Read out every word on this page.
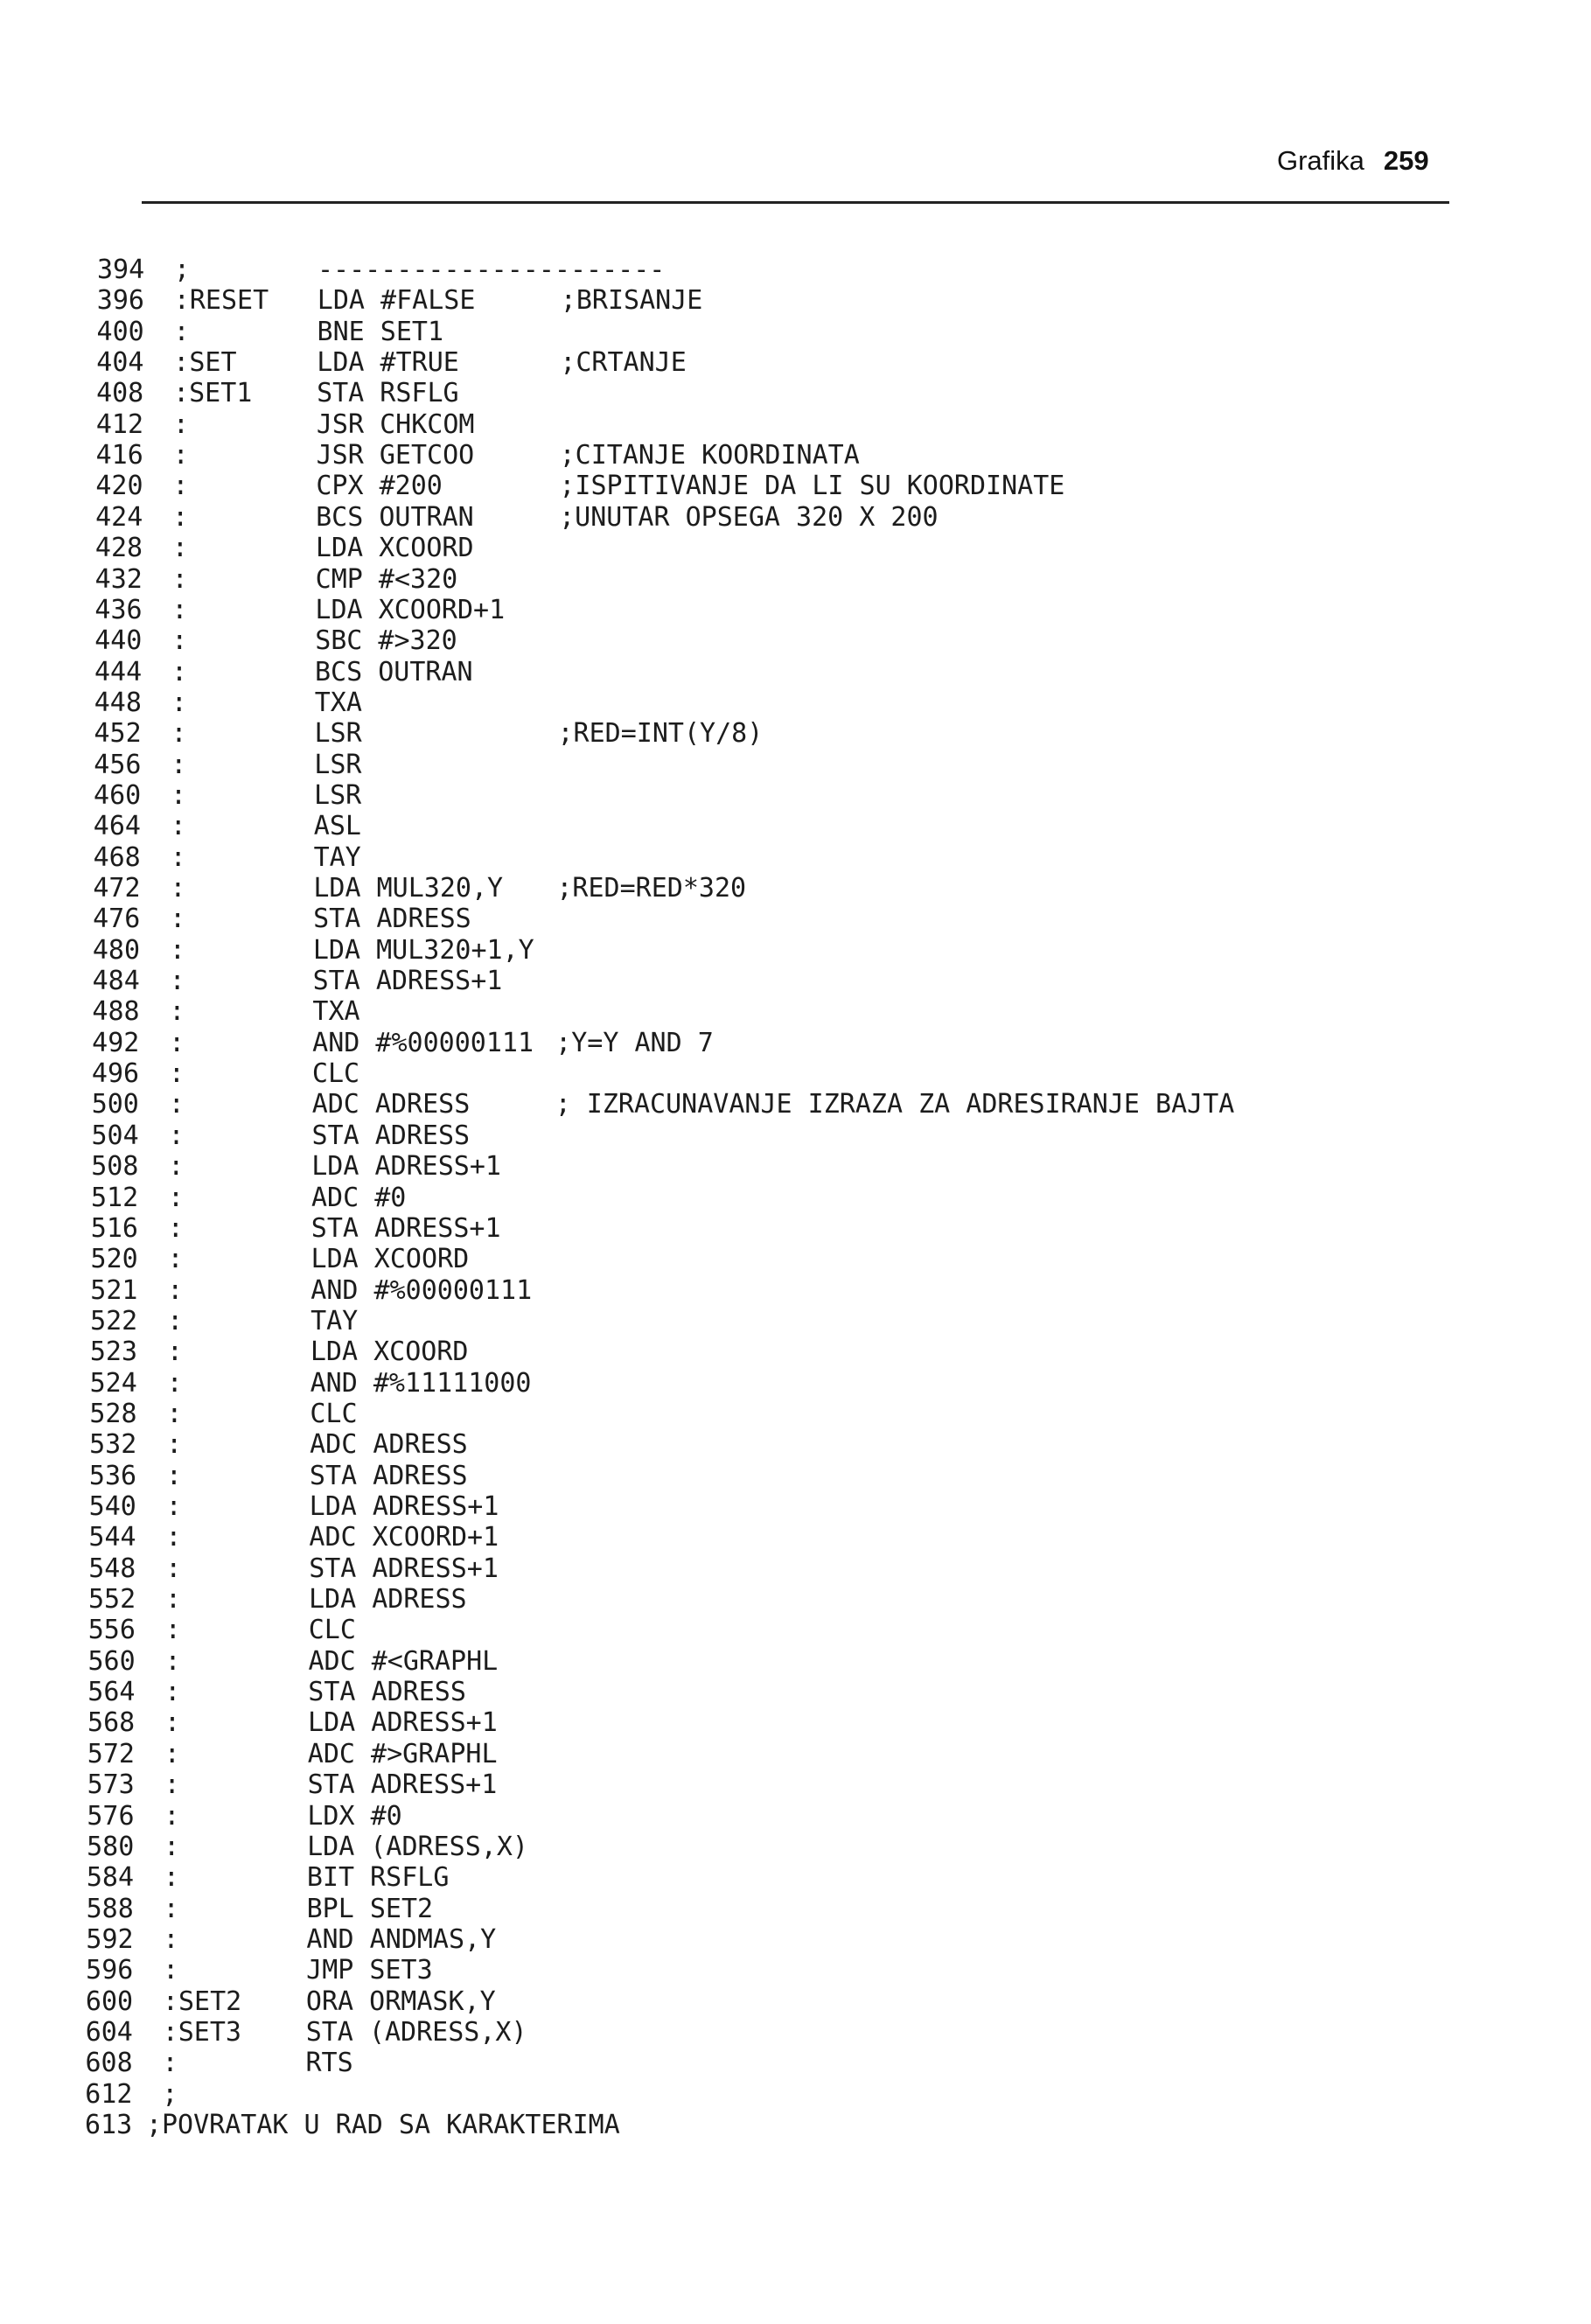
Grafika 259
394 ;	----------------------
396 :RESET LDA #FALSE	;BRISANJE
400 :	BNE SET1
404 :SET	LDA #TRUE	;CRTANJE
408 :SET1 STA RSFLG
412 :	JSR CHKCOM
416 :	JSR GETCOO	;CITANJE KOORDINATA
420 :	CPX #200	;ISPITIVANJE DA LI SU KOORDINATE
424 :	BCS OUTRAN	;UNUTAR OPSEGA 320 X 200
428 :	LDA XCOORD
432 :	CMP #<320
436 :	LDA XCOORD+1
440 :	SBC #>320
444 :	BCS OUTRAN
448 :	TXA
452 :	LSR	;RED=INT(Y/8)
456 :	LSR
460 :	LSR
464 :	ASL
468 :	TAY
472 :	LDA MUL320,Y ;RED=RED*320
476 :	STA ADRESS
480 :	LDA MUL320+1,Y
484 :	STA ADRESS+1
488 :	TXA
492 :	AND #%00000111 ;Y=Y AND 7
496 :	CLC
500 :	ADC ADRESS	; IZRACUNAVANJE IZRAZA ZA ADRESIRANJE BAJTA
504 :	STA ADRESS
508 :	LDA ADRESS+1
512 :	ADC #0
516 :	STA ADRESS+1
520 :	LDA XCOORD
521 :	AND #%00000111
522 :	TAY
523 :	LDA XCOORD
524 :	AND #%11111000
528 :	CLC
532 :	ADC ADRESS
536 :	STA ADRESS
540 :	LDA ADRESS+1
544 :	ADC XCOORD+1
548 :	STA ADRESS+1
552 :	LDA ADRESS
556 :	CLC
560 :	ADC #<GRAPHL
564 :	STA ADRESS
568 :	LDA ADRESS+1
572 :	ADC #>GRAPHL
573 :	STA ADRESS+1
576 :	LDX #0
580 :	LDA (ADRESS,X)
584 :	BIT RSFLG
588 :	BPL SET2
592 :	AND ANDMAS,Y
596 :	JMP SET3
600 :SET2 ORA ORMASK,Y
604 :SET3 STA (ADRESS,X)
608 :	RTS
612 ;
613 ; POVRATAK U RAD SA KARAKTERIMA
